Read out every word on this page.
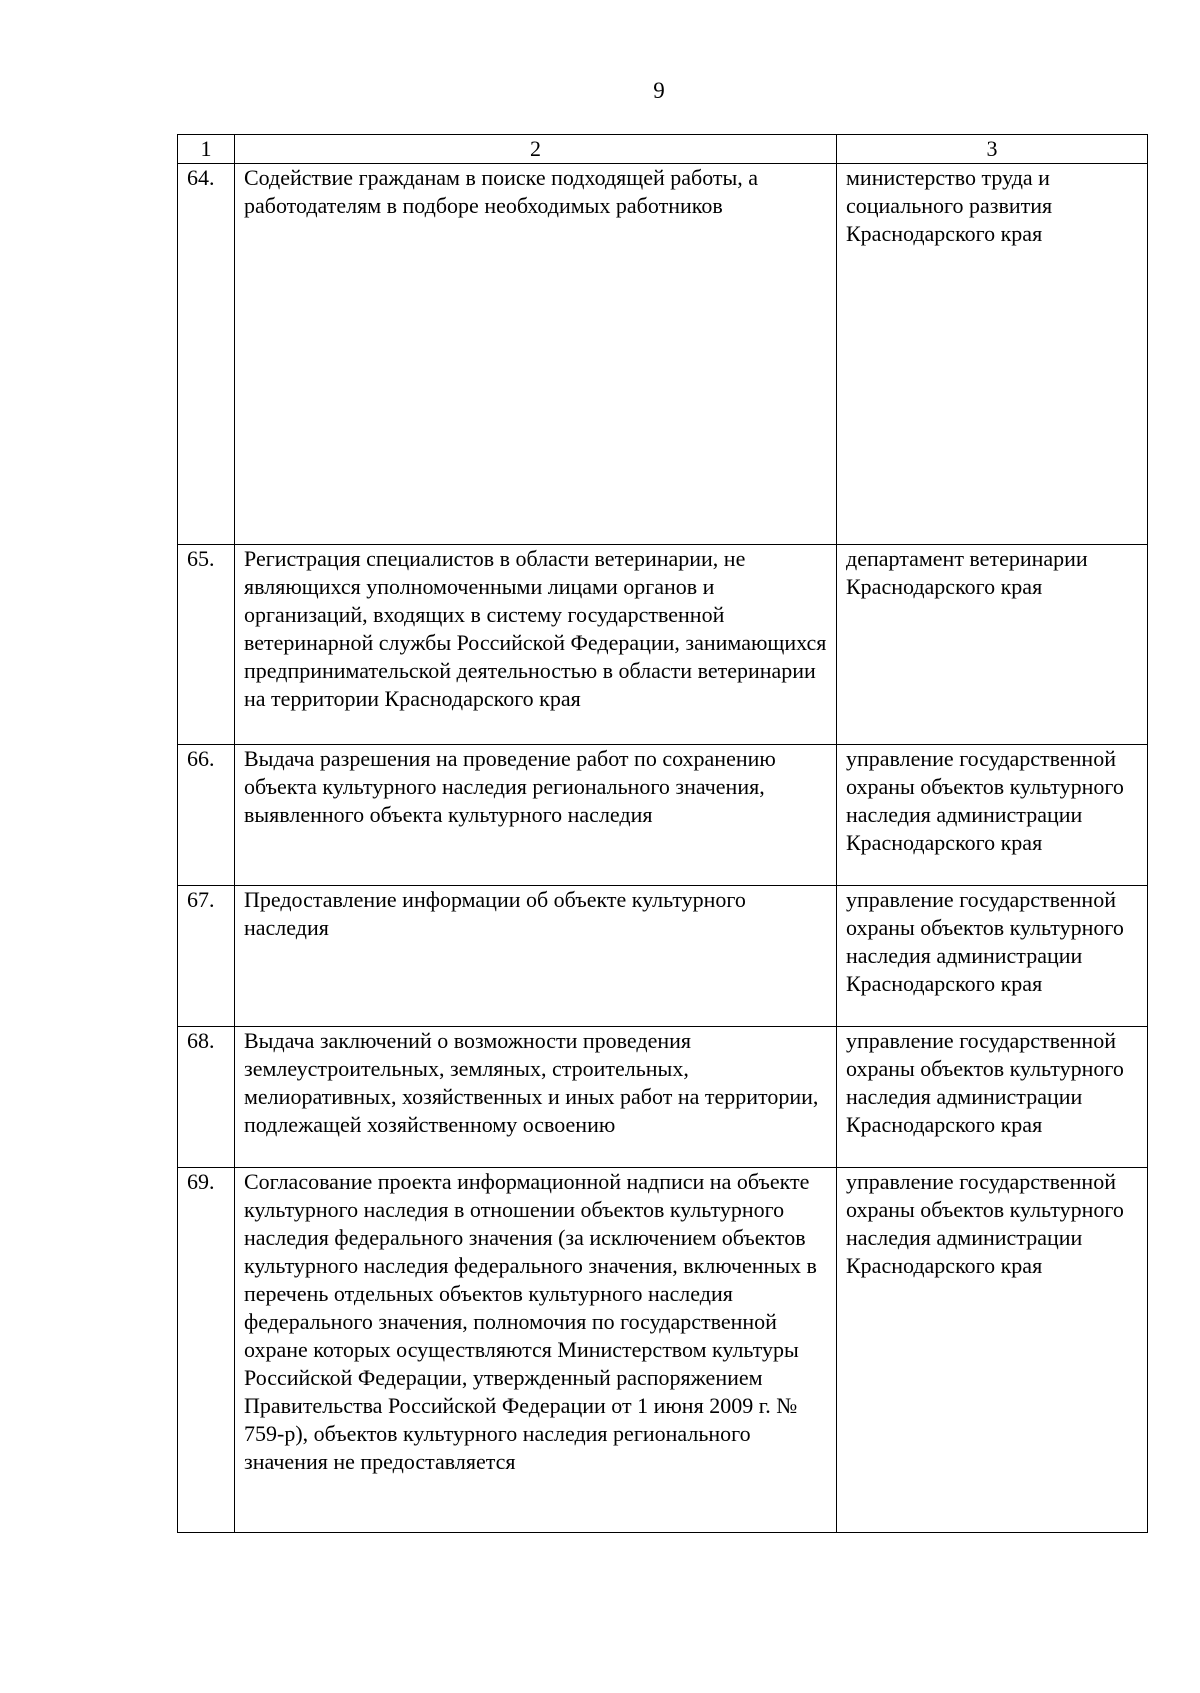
9
1	2	3
64.	Содействие гражданам в поиске подходящей работы, а работодателям в подборе необходимых работников	министерство труда и социального развития Краснодарского края
65.	Регистрация специалистов в области ветеринарии, не являющихся уполномоченными лицами органов и организаций, входящих в систему государственной ветеринарной службы Российской Федерации, занимающихся предпринимательской деятельностью в области ветеринарии на территории Краснодарского края	департамент ветеринарии Краснодарского края
66.	Выдача разрешения на проведение работ по сохранению объекта культурного наследия регионального значения, выявленного объекта культурного наследия	управление государственной охраны объектов культурного наследия администрации Краснодарского края
67.	Предоставление информации об объекте культурного наследия	управление государственной охраны объектов культурного наследия администрации Краснодарского края
68.	Выдача заключений о возможности проведения землеустроительных, земляных, строительных, мелиоративных, хозяйственных и иных работ на территории, подлежащей хозяйственному освоению	управление государственной охраны объектов культурного наследия администрации Краснодарского края
69.	Согласование проекта информационной надписи на объекте культурного наследия в отношении объектов культурного наследия федерального значения (за исключением объектов культурного наследия федерального значения, включенных в перечень отдельных объектов культурного наследия федерального значения, полномочия по государственной охране которых осуществляются Министерством культуры Российской Федерации, утвержденный распоряжением Правительства Российской Федерации от 1 июня 2009 г. № 759-р), объектов культурного наследия регионального значения не предоставляется	управление государственной охраны объектов культурного наследия администрации Краснодарского края
